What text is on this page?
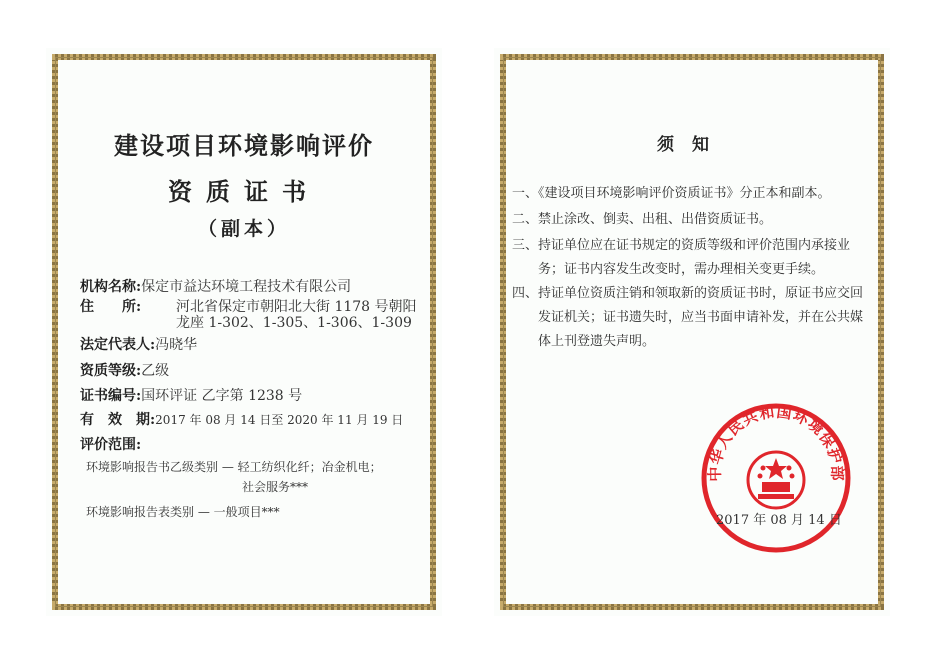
建设项目环境影响评价
资质证书
（副本）
机构名称:保定市益达环境工程技术有限公司
住　　所: 河北省保定市朝阳北大街 1178 号朝阳
龙座 1-302、1-305、1-306、1-309
法定代表人:冯晓华
资质等级:乙级
证书编号:国环评证 乙字第 1238 号
有　效　期:2017 年 08 月 14 日至 2020 年 11 月 19 日
评价范围:
环境影响报告书乙级类别 — 轻工纺织化纤；冶金机电；
社会服务***
环境影响报告表类别 — 一般项目***
须知
一、《建设项目环境影响评价资质证书》分正本和副本。
二、禁止涂改、倒卖、出租、出借资质证书。
三、持证单位应在证书规定的资质等级和评价范围内承接业
务；证书内容发生改变时，需办理相关变更手续。
四、持证单位资质注销和领取新的资质证书时，原证书应交回
发证机关；证书遗失时，应当书面申请补发，并在公共媒
体上刊登遗失声明。
中华人民共和国环境保护部
2017 年 08 月 14 日
